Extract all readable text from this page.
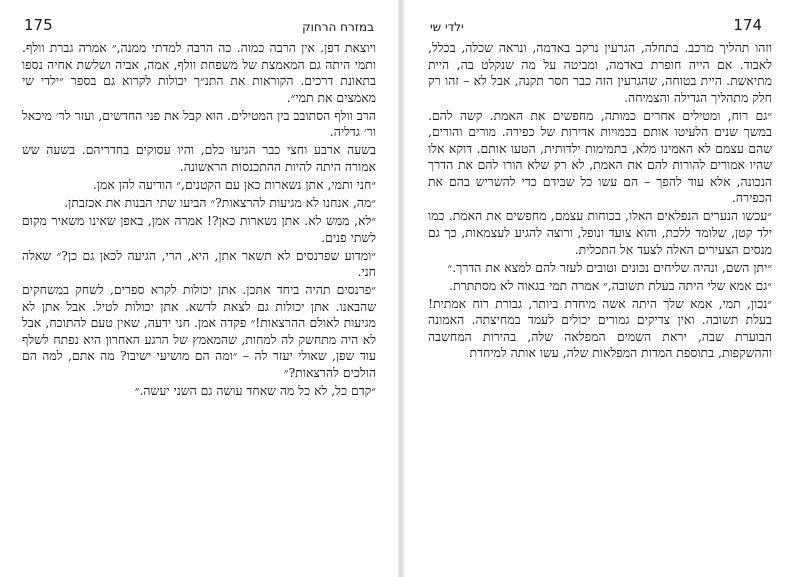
175	במזרח הרחוק

ויוצאת דפן. אין הרבה כמוה. כה הרבה למדתי ממנה,״ אמרה גברת וולף. ותמי היתה גם המאמצת של משפחת וולף, אמה, אביה ושלשת אחיה נספו בתאונת דרכים. הקוראות את התנ״ך יכולות לקרוא גם בספר ״ילדי שי מאמצים את תמי״.

הרב וולף הסתובב בין המטילים. הוא קבל את פני החדשים, ועזר לר׳ מיכאל ור׳ גדליה.

בשעה ארבע וחצי כבר הגיעו כלם, והיו עסוקים בחדריהם. בשעה שש אמורה היתה להיות ההתכנסות הראשונה.

״חני ותמי, אתן נשארות כאן עם הקטנים,״ הודיעה להן אמן.

״מה, אנחנו לא מגיעות להרצאות?״ הביעו שתי הבנות את אכזבתן.

״לא, ממש לא. אתן נשארות כאן?! אמרה אמן, באפן שאינו משאיר מקום לשתי פנים.

״ומדוע שפרנסים לא תשאר אתן, היא, הרי, הגיעה לכאן גם כן?״ שאלה חני.

״פרנסים תהיה ביחד אתכן. אתן יכולות לקרא ספרים, לשחק במשחקים שהבאנו. אתן יכולות גם לצאת לדשא. אתן יכולות לטיל. אבל אתן לא מגיעות לאולם ההרצאות!״ פקדה אמן. חני ידעה, שאין טעם להתוכח, אבל לא היה מתחשק לה למחות, שהמאמץ של הרגע האחרון היא נפתח לשלף עוד שפן, שאולי יעזר לה – ״ומה הם מושיעי ישיבו? מה אתם, למה הם הולכים להרצאות?״

״קדם כל, לא כל מה שאחד עושה גם השני יעשה.״

ילדי שי	174

וזהו תהליך מרכב. בתחלה, הגרעין נרקב באדמה, ונראה שכלה, בכלל, לאבוד. אם הייה חופרת באדמה, ומביטה על מה שנקלט בה, היית מתיאשת. היית בטוחה, שהגרעין הזה כבר חסר תקנה, אבל לא – זהו רק חלק מתהליך הגדילה והצמיחה.

״גם רוח, ומטילים אחרים כמותה, מחפשים את האמת. קשה להם. במשך שנים הלעיטו אותם בכמויות אדירות של כפירה. מורים והורים, שהם עצמם לא האמינו מלא, בתמימות ילדותית, הטעו אותם. דוקא אלו שהיו אמורים להורות להם את האמת, לא רק שלא הורו להם את הדרך הנכונה, אלא עוד להפך – הם עשו כל שבידם כדי להשריש בהם את הכפירה.

״עכשו הנערים הנפלאים האלו, בכוחות עצמם, מחפשים את האמת. כמו ילד קטן, שלומד ללכת, והוא צועד ונופל, ורוצה להגיע לעצמאות, כך גם מנסים הצעירים האלה לצעד אל התכלית.

״יתן השם, ונהיה שליחים נכונים וטובים לעזר להם למצא את הדרך.״

״גם אמא שלי היתה בעלת תשובה,״ אמרה תמי בגאוה לא מסתתרת.

״נכון, תמי, אמא שלך היתה אשה מיחדת ביותר, גבורת רוח אמתית! בעלת תשובה. ואין צדיקים גמורים יכולים לעמד במחיצתה. האמונה הבוערת שבה, יראת השמים המפלאה שלה, בהירות המחשבה וההשקפות, בתוספת המדות המפלאות שלה, עשו אותה למיחדת
